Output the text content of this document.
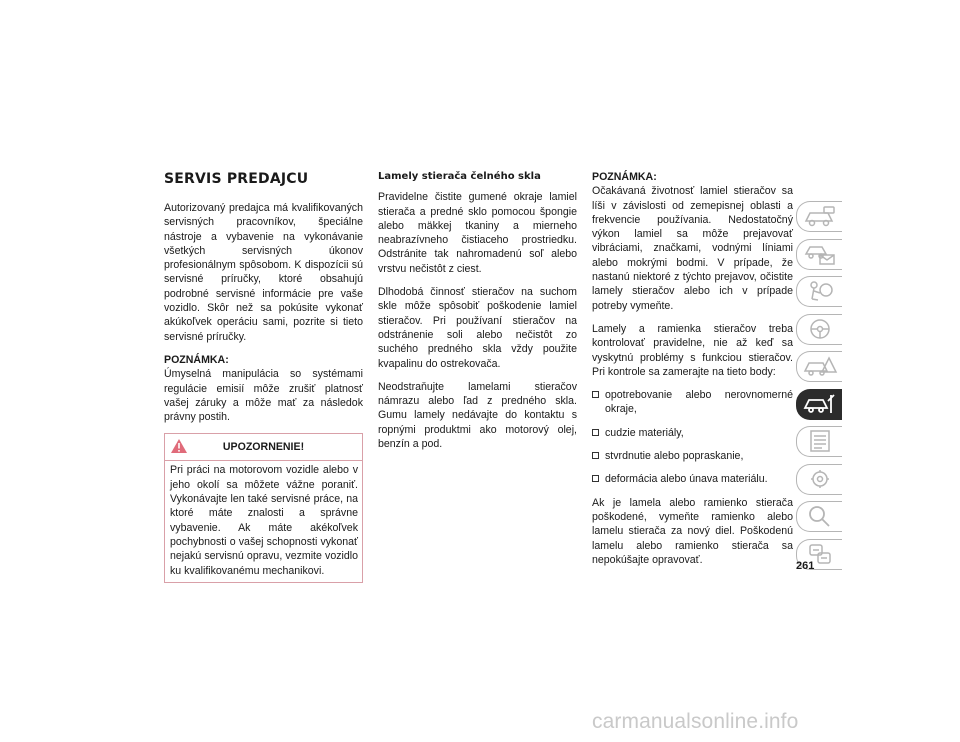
SERVIS PREDAJCU

Autorizovaný predajca má kvalifikovaných servisných pracovníkov, špeciálne nástroje a vybavenie na vykonávanie všetkých servisných úkonov profesionálnym spôsobom. K dispozícii sú servisné príručky, ktoré obsahujú podrobné servisné informácie pre vaše vozidlo. Skôr než sa pokúsite vykonať akúkoľvek operáciu sami, pozrite si tieto servisné príručky.

POZNÁMKA:
Úmyselná manipulácia so systémami regulácie emisií môže zrušiť platnosť vašej záruky a môže mať za následok právny postih.

UPOZORNENIE!
Pri práci na motorovom vozidle alebo v jeho okolí sa môžete vážne poraniť. Vykonávajte len také servisné práce, na ktoré máte znalosti a správne vybavenie. Ak máte akékoľvek pochybnosti o vašej schopnosti vykonať nejakú servisnú opravu, vezmite vozidlo ku kvalifikovanému mechanikovi.
Lamely stierača čelného skla

Pravidelne čistite gumené okraje lamiel stierača a predné sklo pomocou špongie alebo mäkkej tkaniny a mierneho neabrazívneho čistiaceho prostriedku. Odstránite tak nahromadenú soľ alebo vrstvu nečistôt z ciest.

Dlhodobá činnosť stieračov na suchom skle môže spôsobiť poškodenie lamiel stieračov. Pri používaní stieračov na odstránenie soli alebo nečistôt zo suchého predného skla vždy použite kvapalinu do ostrekovača.

Neodstraňujte lamelami stieračov námrazu alebo ľad z predného skla. Gumu lamely nedávajte do kontaktu s ropnými produktmi ako motorový olej, benzín a pod.

POZNÁMKA:
Očakávaná životnosť lamiel stieračov sa líši v závislosti od zemepisnej oblasti a frekvencie používania. Nedostatočný výkon lamiel sa môže prejavovať vibráciami, značkami, vodnými líniami alebo mokrými bodmi. V prípade, že nastanú niektoré z týchto prejavov, očistite lamely stieračov alebo ich v prípade potreby vymeňte.

Lamely a ramienka stieračov treba kontrolovať pravidelne, nie až keď sa vyskytnú problémy s funkciou stieračov. Pri kontrole sa zamerajte na tieto body:

opotrebovanie alebo nerovnomerné okraje,
cudzie materiály,
stvrdnutie alebo popraskanie,
deformácia alebo únava materiálu.

Ak je lamela alebo ramienko stierača poškodené, vymeňte ramienko alebo lamelu stierača za nový diel. Poškodenú lamelu alebo ramienko stierača sa nepokúšajte opravovať.

261
carmanualsonline.info
